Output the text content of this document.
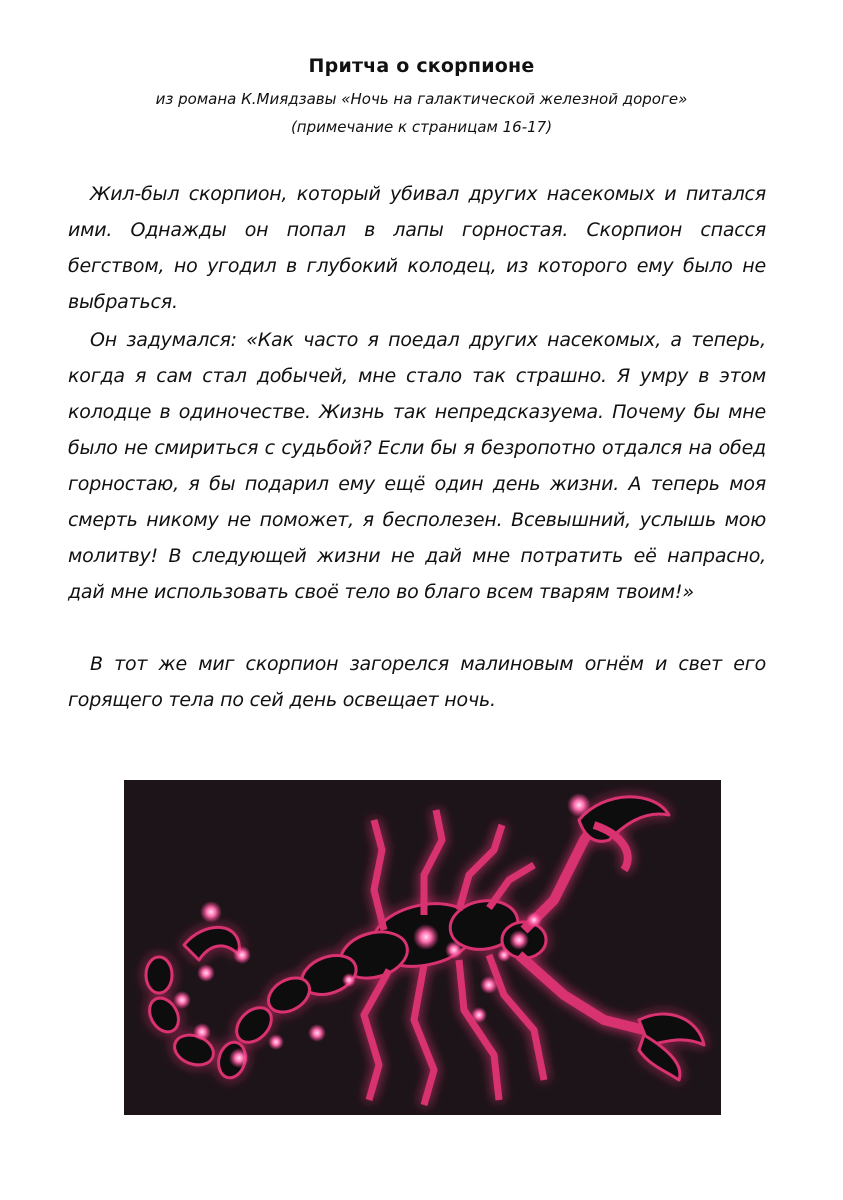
Притча о скорпионе
из романа К.Миядзавы «Ночь на галактической железной дороге»
(примечание к страницам 16-17)
Жил-был скорпион, который убивал других насекомых и питался ими. Однажды он попал в лапы горностая. Скорпион спасся бегством, но угодил в глубокий колодец, из которого ему было не выбраться.
Он задумался: «Как часто я поедал других насекомых, а теперь, когда я сам стал добычей, мне стало так страшно. Я умру в этом колодце в одиночестве. Жизнь так непредсказуема. Почему бы мне было не смириться с судьбой? Если бы я безропотно отдался на обед горностаю, я бы подарил ему ещё один день жизни. А теперь моя смерть никому не поможет, я бесполезен. Всевышний, услышь мою молитву! В следующей жизни не дай мне потратить её напрасно, дай мне использовать своё тело во благо всем тварям твоим!»
В тот же миг скорпион загорелся малиновым огнём и свет его горящего тела по сей день освещает ночь.
